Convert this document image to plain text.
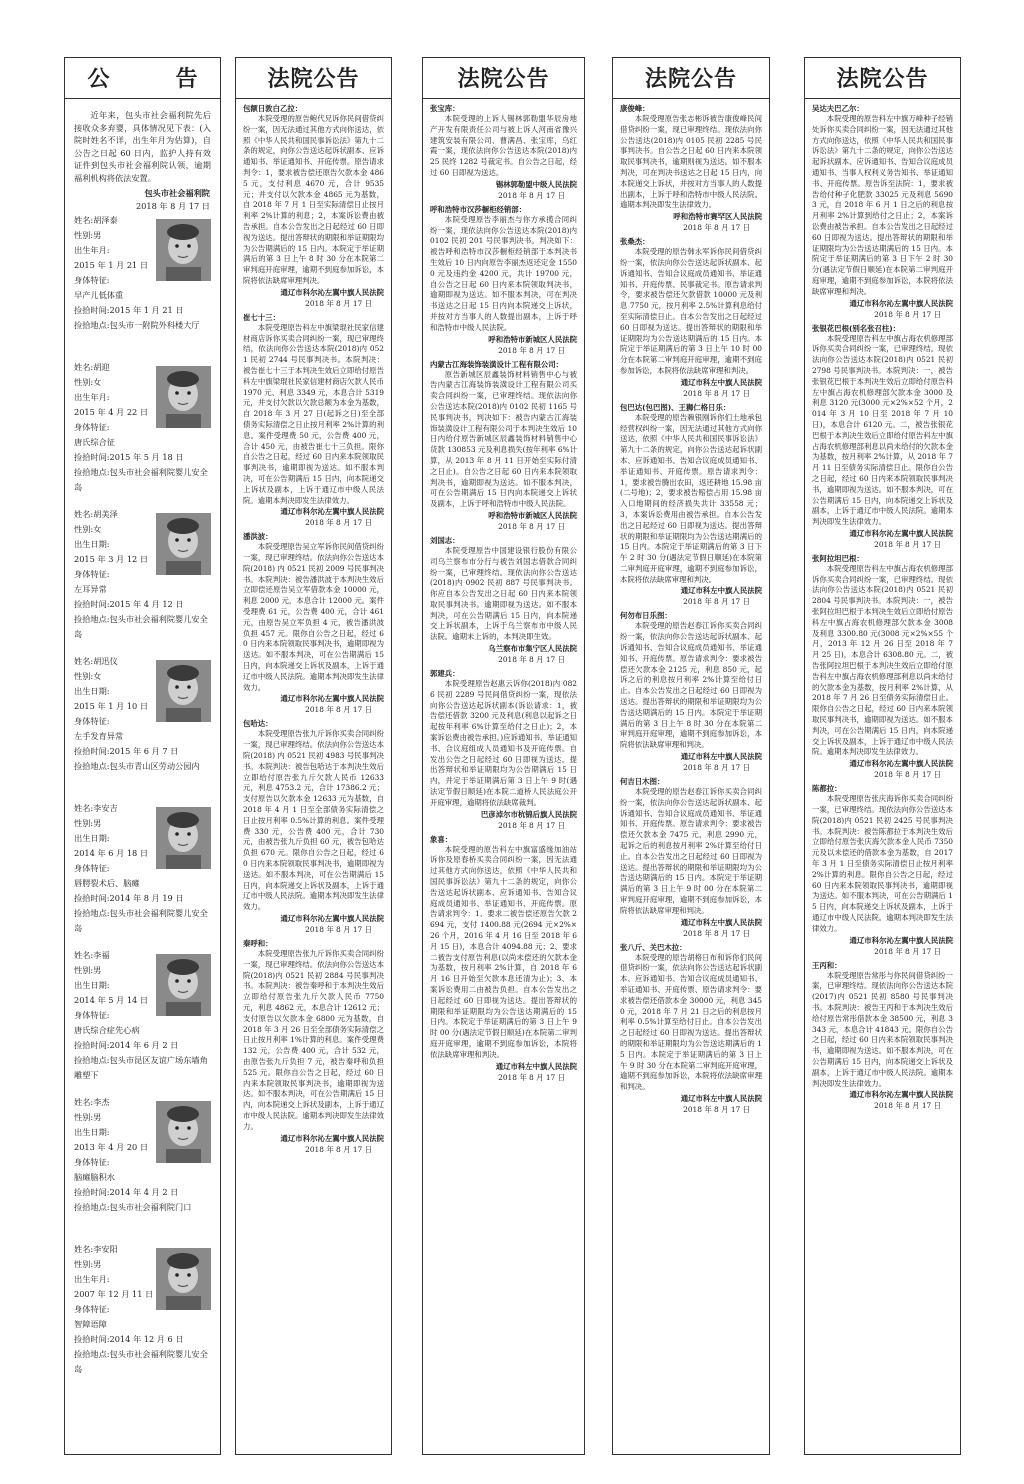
公　告
近年来，包头市社会福利院先后接收众多弃婴，具体情况见下表：(入院时姓名不详，出生年月为估算)，自公告之日起 60 日内，监护人持有效证件到包头市社会福利院认领，逾期福利机构将依法安置。
包头市社会福利院
2018 年 8 月 17 日
姓名:胡泽泰
性别:男
出生年月:
2015 年 1 月 21 日
身体特征:
早产儿低体重
捡拾时间:2015 年 1 月 21 日
捡拾地点:包头市一附院外科楼大厅
姓名:胡迎
性别:女
出生年月:
2015 年 4 月 22 日
身体特征:
唐氏综合征
捡拾时间:2015 年 5 月 18 日
捡拾地点:包头市社会福利院婴儿安全岛
姓名:胡美泽
性别:女
出生日期:
2015 年 3 月 12 日
身体特征:
左耳异常
捡拾时间:2015 年 4 月 12 日
捡拾地点:包头市社会福利院婴儿安全岛
姓名:胡迅仪
性别:女
出生日期:
2015 年 1 月 10 日
身体特征:
左手发育异常
捡拾时间:2015 年 6 月 7 日
捡拾地点:包头市青山区劳动公园内
姓名:李安吉
性别:男
出生日期:
2014 年 6 月 18 日
身体特征:
唇腭裂术后、脑瘫
捡拾时间:2014 年 8 月 19 日
捡拾地点:包头市社会福利院婴儿安全岛
姓名:李福
性别:男
出生日期:
2014 年 5 月 14 日
身体特征:
唐氏综合症先心病
捡拾时间:2014 年 6 月 2 日
捡拾地点:包头市昆区友谊广场东墙角雕塑下
姓名:李杰
性别:男
出生日期:
2013 年 4 月 20 日
身体特征:
脑瘫脑积水
捡拾时间:2014 年 4 月 2 日
捡拾地点:包头市社会福利院门口
姓名:李安阳
性别:男
出生年月:
2007 年 12 月 11 日
身体特征:
智障语障
捡拾时间:2014 年 12 月 6 日
捡拾地点:包头市社会福利院婴儿安全岛
法院公告
包额日敦白乙拉：
本院受理的原告鲍代兄诉你民间借贷纠纷一案，因无法通过其他方式向你送达，依照《中华人民共和国民事诉讼法》第九十二条的规定，向你公告送达起诉状副本、应诉通知书、举证通知书、开庭传票。原告请求判令：1，要求被告偿还原告欠款本金 4865 元，支付利息 4670 元，合计 9535 元；并支付以欠款本金 4865 元为基数，自 2018 年 7 月 1 日至实际清偿日止按月利率 2%计算的利息；2，本案诉讼费由被告承担。自本公告发出之日起经过 60 日即视为送达。提出答辩状的期限和举证期限均为公告期满后的 15 日内。本院定于举证期满后的第 3 日上午 8 时 30 分在本院第二审判庭开庭审理，逾期不到庭参加诉讼，本院将依法缺席审理判决。
通辽市科尔沁左翼中旗人民法院
2018 年 8 月 17 日
崔七十三：
本院受理原告科左中旗梁琨社民家信建材商店诉你买卖合同纠纷一案，现已审理终结，依法向你公告送达本院(2018)内 0521 民初 2744 号民事判决书。本院判决：被告崔七十三于本判决生效后立即给付原告科左中旗梁琨社民家信建材商店欠款人民币 1970 元、利息 3349 元，本息合计 5319 元，并支付欠款以欠款总额为本金为基数，自 2018 年 3 月 27 日(起诉之日)至全部债务实际清偿之日止按月利率 2%计算的利息。案件受理费 50 元，公告费 400 元，合计 450 元，由被告崔七十三负担。限你自公告之日起，经过 60 日内来本院领取民事判决书，逾期即视为送达。如不服本判决，可在公告期满后 15 日内，向本院递交上诉状及副本，上诉于通辽市中级人民法院。逾期本判决即发生法律效力。
通辽市科尔沁左翼中旗人民法院
2018 年 8 月 17 日
潘洪波：
本院受理原告吴立军诉你民间借贷纠纷一案，现已审理终结。依法向你公告送达本院(2018) 内 0521 民初 2009 号民事判决书。本院判决：被告潘洪波于本判决生效后立即偿还原告吴立军借款本金 10000 元，利息 2000 元，本息合计 12000 元。案件受理费 61 元，公告费 400 元，合计 461 元，由原告吴立军负担 4 元，被告潘洪波负担 457 元。限你自公告之日起，经过 60 日内来本院领取民事判决书，逾期即视为送达。如不服本判决，可在公告期满后 15 日内，向本院递交上诉状及副本，上诉于通辽市中级人民法院。逾期本判决即发生法律效力。
通辽市科尔沁左翼中旗人民法院
2018 年 8 月 17 日
包哈达：
本院受理原告张九斤诉你买卖合同纠纷一案，现已审理终结。依法向你公告送达本院(2018) 内 0521 民初 4983 号民事判决书。本院判决：被告包哈达于本判决生效后立即给付原告张九斤欠款人民币 12633 元，利息 4753.2 元，合计 17386.2 元；支付原告以欠款本金 12633 元为基数，自 2018 年 4 月 1 日至全部债务实际清偿之日止按月利率 0.5%计算的利息。案件受理费 330 元，公告费 400 元，合计 730 元，由被告张九斤负担 60 元，被告包哈达负担 670 元。限你自公告之日起，经过 60 日内来本院领取民事判决书，逾期即视为送达。如不服本判决，可在公告期满后 15 日内，向本院递交上诉状及副本，上诉于通辽市中级人民法院。逾期本判决即发生法律效力。
通辽市科尔沁左翼中旗人民法院
2018 年 8 月 17 日
秦呼和：
本院受理原告张九斤诉你买卖合同纠纷一案，现已审理终结。依法向你公告送达本院(2018)内 0521 民初 2884 号民事判决书。本院判决：被告秦呼和于本判决生效后立即给付原告张九斤欠款人民币 7750 元，利息 4862 元，本息合计 12612 元；支付原告以欠款本金 6800 元为基数，自 2018 年 3 月 26 日至全部债务实际清偿之日止按月利率 1%计算的利息。案件受理费 132 元，公告费 400 元，合计 532 元，由原告张九斤负担 7 元，被告秦呼和负担 525 元。限你自公告之日起，经过 60 日内来本院领取民事判决书，逾期即视为送达。如不服本判决，可在公告期满后 15 日内，向本院递交上诉状及副本，上诉于通辽市中级人民法院。逾期本判决即发生法律效力。
通辽市科尔沁左翼中旗人民法院
2018 年 8 月 17 日
法院公告
张宝库：
本院受理的上诉人锡林郭勒盟华辰房地产开发有限责任公司与被上诉人河南省豫兴建筑安装有限公司、曹满昌、张宝库，乌红霞一案，现依法向你公告送达本院(2018)内 25 民终 1282 号裁定书。自公告之日起，经过 60 日即视为送达。
锡林郭勒盟中级人民法院
2018 年 8 月 17 日
呼和浩特市汉莎橱柜经销部：
本院受理原告李丽杰与你方承揽合同纠纷一案，现依法向你公告送达本院(2018)内 0102 民初 201 号民事判决书。判决如下：被告呼和浩特市汉莎橱柜经销部于本判决书生效后 10 日内向原告李丽杰返还定金 15500 元及违约金 4200 元，共计 19700 元，自公告之日起 60 日内来本院领取判决书，逾期即视为送达。如不服本判决，可在判决书送达之日起 15 日内向本院递交上诉状，并按对方当事人的人数提出副本，上诉于呼和浩特市中级人民法院。
呼和浩特市新城区人民法院
2018 年 8 月 17 日
内蒙古江海装饰装潢设计工程有限公司：
原告新城区辰鑫装饰材料销售中心与被告内蒙古江海装饰装潢设计工程有限公司买卖合同纠纷一案，已审理终结。现依法向你公告送达本院(2018)内 0102 民初 1165 号民事判决书，判决如下：被告内蒙古江海装饰装潢设计工程有限公司于本判决生效后 10 日内给付原告新城区辰鑫装饰材料销售中心货款 130853 元及利息损失(按年利率 6%计算，从 2013 年 8 月 11 日开始至实际付清之日止)。自公告之日起 60 日内来本院领取判决书，逾期即视为送达。如不服本判决，可在公告期满后 15 日内向本院递交上诉状及副本，上诉于呼和浩特市中级人民法院。
呼和浩特市新城区人民法院
2018 年 8 月 17 日
刘国志：
本院受理原告中国建设银行股份有限公司乌兰察布市分行与被告刘国志借款合同纠纷一案，已审理终结。现依法向你公告送达(2018)内 0902 民初 887 号民事判决书。你应自本公告发出之日起 60 日内来本院领取民事判决书。逾期即视为送达。如不服本判决，可在公告期满后 15 日内，向本院递交上诉状副本，上诉于乌兰察布市中级人民法院。逾期未上诉的，本判决即生效。
乌兰察布市集宁区人民法院
2018 年 8 月 17 日
郭建兵：
本院受理原告赵惠云诉你(2018)内 0826 民初 2289 号民间借贷纠纷一案，现依法向你公告送达起诉状副本(诉讼请求：1，被告偿还借款 3200 元及利息(利息以起诉之日起按年利率 6%计算至给付之日止)；2，本案诉讼费由被告承担。)应诉通知书、举证通知书、合议庭组成人员通知书及开庭传票。自发出公告之日起经过 60 日即视为送达。提出答辩状和举证期限均为公告期满后 15 日内，并定于举证期满后第 3 日上午 9 时(遇法定节假日顺延)在本院二道桥人民法庭公开开庭审理，逾期将依法缺席裁判。
巴彦淖尔市杭锦后旗人民法院
2018 年 8 月 17 日
象喜：
本院受理的原告科左中旗富盛缘加油站诉你及原春桥买卖合同纠纷一案，因无法通过其他方式向你送达，依照《中华人民共和国民事诉讼法》第九十二条的规定，向你公告送达起诉状副本、应诉通知书、告知合议庭成员通知书、举证通知书、开庭传票。原告请求判令：1、要求二被告偿还原告欠款 2694 元，支付 1400.88 元(2694 元×2%×26 个月，2016 年 4 月 16 日至 2018 年 6 月 15 日)，本息合计 4094.88 元；2、要求二被告支付原告利息(以尚未偿还的欠款本金为基数，按月利率 2%计算，自 2018 年 6 月 16 日开始至欠款本息还清为止)；3、本案诉讼费用二由被告负担。自本公告发出之日起经过 60 日即视为送达。提出答辩状的期限和举证期限均为公告送达期满后的 15 日内。本院定于举证期满后的第 3 日上午 9 时 00 分(遇法定节假日顺延)在本院第二审判庭开庭审理，逾期不到庭参加诉讼，本院将依法缺席审理和判决。
通辽市科左中旗人民法院
2018 年 8 月 17 日
法院公告
康俊峰：
本院受理原告张志彬诉被告康俊峰民间借贷纠纷一案，现已审理终结。现依法向你公告送达(2018)内 0105 民初 2285 号民事判决书。自公告之日起 60 日内来本院领取民事判决书，逾期则视为送达。如不服本判决，可在判决书送达之日起 15 日内，向本院递交上诉状，并按对方当事人的人数提出副本，上诉于呼和浩特市中级人民法院。逾期本判决即发生法律效力。
呼和浩特市赛罕区人民法院
2018 年 8 月 17 日
张桑杰：
本院受理的原告韩永军诉你民间借贷纠纷一案，依法向你公告送达起诉状副本、起诉通知书、告知合议庭成员通知书、举证通知书、开庭传票、民事裁定书。原告请求判令，要求被告偿还欠款借款 10000 元及利息 7750 元，按月利率 2.5%计算利息给付至实际清偿日止。自本公告发出之日起经过 60 日即视为送达。提出答辩状的期限和举证期限均为公告送达期满后的 15 日内。本院定于举证期满后的第 3 日上午 10 时 00 分在本院第二审判庭开庭审理，逾期不到庭参加诉讼，本院将依法缺席审理和判决。
通辽市科左中旗人民法院
2018 年 8 月 17 日
包巴达(包巴图)、王狮仁格日乐：
本院受理的原告赖银刚诉你们土地承包经营权纠纷一案，因无法通过其他方式向你送达，依照《中华人民共和国民事诉讼法》第九十二条的规定，向你公告送达起诉状副本、应诉通知书、告知合议庭成员通知书、举证通知书、开庭传票。原告请求判令：1，要求被告腾出农田，返还耕地 15.98 亩(二号地)；2，要求被告赔偿占用 15.98 亩入口地期间的经济损失共计 33558 元；3，本案诉讼费用由被告承担。自本公告发出之日起经过 60 日即视为送达。提出答辩状的期限和举证期限均为公告送达期满后的 15 日内。本院定于举证期满后的第 3 日下午 2 时 30 分(遇法定节假日顺延)在本院第二审判庭开庭审理，逾期不到庭参加诉讼，本院将依法缺席审理和判决。
通辽市科左中旗人民法院
2018 年 8 月 17 日
何勿布日乐图：
本院受理的原告赵春江诉你买卖合同纠纷一案，依法向你公告送达起诉状副本、起诉通知书、告知合议庭成员通知书、举证通知书、开庭传票。原告请求判令：要求被告偿还欠款本金 2125 元，利息 850 元，起诉之后的利息按月利率 2%计算至给付日止。自本公告发出之日起经过 60 日即视为送达。提出答辩状的期限和举证期限均为公告送达期满后的 15 日内。本院定于举证期满后的第 3 日上午 8 时 30 分在本院第二审判庭开庭审理，逾期不到庭参加诉讼，本院将依法缺席审理和判决。
通辽市科左中旗人民法院
2018 年 8 月 17 日
何吉日木图：
本院受理的原告赵春江诉你买卖合同纠纷一案，依法向你公告送达起诉状副本、起诉通知书、告知合议庭成员通知书、举证通知书、开庭传票。原告请求判令：要求被告偿还欠款本金 7475 元，利息 2990 元，起诉之后的利息按月利率 2%计算至给付日止。自本公告发出之日起经过 60 日即视为送达。提出答辩状的期限和举证期限均为公告送达期满后的 15 日内。本院定于举证期满后的第 3 日上午 9 时 00 分在本院第二审判庭开庭审理，逾期不到庭参加诉讼，本院将依法缺席审理和判决。
通辽市科左中旗人民法院
2018 年 8 月 17 日
张八斤、关巴木拉：
本院受理的原告胡格日布和诉你们民间借贷纠纷一案，依法向你公告送达起诉状副本、应诉通知书、告知合议庭成员通知书、举证通知书、开庭传票、原告请求判令：要求被告偿还借款本金 30000 元，利息 3450 元，2018 年 7 月 21 日之后的利息按月利率 0.5%计算至给付日止。自本公告发出之日起经过 60 日即视为送达。提出答辩状的期限和举证期限均为公告送达期满后的 15 日内。本院定于举证期满后的第 3 日上午 9 时 30 分在本院第二审判庭开庭审理，逾期不到庭参加诉讼，本院将依法缺席审理和判决。
通辽市科左中旗人民法院
2018 年 8 月 17 日
法院公告
吴达夫巴乙尔：
本院受理的原告科左中旗万峰种子经销处诉你买卖合同纠纷一案，因无法通过其他方式向你送达，依照《中华人民共和国民事诉讼法》第九十二条的规定，向你公告送达起诉状副本、应诉通知书、告知合议庭成员通知书、当事人权利义务告知书、举证通知书、开庭传票。原告诉至法院：1，要求被告给付种子化肥款 33025 元及利息 56903 元，自 2018 年 6 月 1 日之后的利息按月利率 2%计算到给付之日止；2，本案诉讼费由被告承担。自本公告发出之日起经过 60 日即视为送达。提出答辩状的期限和举证期限均为公告送达期满后的 15 日内。本院定于举证期满后的第 3 日下午 2 时 30 分(遇法定节假日顺延)在本院第二审判庭开庭审理，逾期不到庭参加诉讼，本院将依法缺席审理和判决。
通辽市科尔沁左翼中旗人民法院
2018 年 8 月 17 日
张银花巴根(别名张召柱)：
本院受理原告科左中旗占海农机修理部诉你买卖合同纠纷一案，已审理终结。现依法向你公告送达本院(2018)内 0521 民初 2798 号民事判决书。本院判决：一，被告张银花巴根于本判决生效后立即给付原告科左中旗占海农机修理部欠款本金 3000 及利息 3120 元(3000 元×2%×52 个月，2014 年 3 月 10 日至 2018 年 7 月 10 日)，本息合计 6120 元。二，被告张银花巴根于本判决生效后立即给付原告科左中旗占海农机修理部利息以尚未给付的欠款本金为基数，按月利率 2%计算，从 2018 年 7 月 11 日至债务实际清偿日止。限你自公告之日起，经过 60 日内来本院领取民事判决书，逾期即视为送达。如不服本判决，可在公告期满后 15 日内，向本院递交上诉状及副本，上诉于通辽市中级人民法院。逾期本判决即发生法律效力。
通辽市科尔沁左翼中旗人民法院
2018 年 8 月 17 日
张阿拉坦巴根：
本院受理原告科左中旗占海农机修理部诉你买卖合同纠纷一案，已审理终结。现依法向你公告送达本院(2018)内 0521 民初 2804 号民事判决书。本院判决：一，被告张阿拉坦巴根于本判决生效后立即给付原告科左中旗占海农机修理部欠款本金 3008 及利息 3300.80 元(3008 元×2%×55 个月，2013 年 12 月 26 日至 2018 年 7 月 25 日)，本息合计 6308.80 元。二，被告张阿拉坦巴根于本判决生效后立即给付原告科左中旗占海农机修理部利息以尚未给付的欠款本金为基数，按月利率 2%计算，从 2018 年 7 月 26 日至债务实际清偿日止。限你自公告之日起，经过 60 日内来本院领取民事判决书，逾期即视为送达。如不服本判决，可在公告期满后 15 日内，向本院递交上诉状及副本，上诉于通辽市中级人民法院。逾期本判决即发生法律效力。
通辽市科尔沁左翼中旗人民法院
2018 年 8 月 17 日
陈都拉：
本院受理原告张庆海诉你买卖合同纠纷一案，已审理终结。现依法向你公告送达本院(2018)内 0521 民初 2425 号民事判决书。本院判决：被告陈都拉于本判决生效后立即给付原告张庆海欠款本金人民币 7350 元及以未偿还的借款本金为基数，自 2017 年 3 月 1 日至债务实际清偿日止按月利率 2%计算的利息。限你自公告之日起，经过 60 日内来本院领取民事判决书，逾期即视为送达。如不服本判决，可在公告期满后 15 日内，向本院递交上诉状及副本，上诉于通辽市中级人民法院。逾期本判决即发生法律效力。
通辽市科尔沁左翼中旗人民法院
2018 年 8 月 17 日
王丙和：
本院受理原告常彤与你民间借贷纠纷一案，已审理终结。现依法向你公告送达本院(2017)内 0521 民初 8580 号民事判决书。本院判决：被告王丙和于本判决生效后给付原告常彤借款本金 38500 元，利息 3343 元，本息合计 41843 元。限你自公告之日起，经过 60 日内来本院领取民事判决书，逾期即视为送达。如不服本判决，可在公告期满后 15 日内，向本院递交上诉状及副本，上诉于通辽市中级人民法院。逾期本判决即发生法律效力。
通辽市科尔沁左翼中旗人民法院
2018 年 8 月 17 日
